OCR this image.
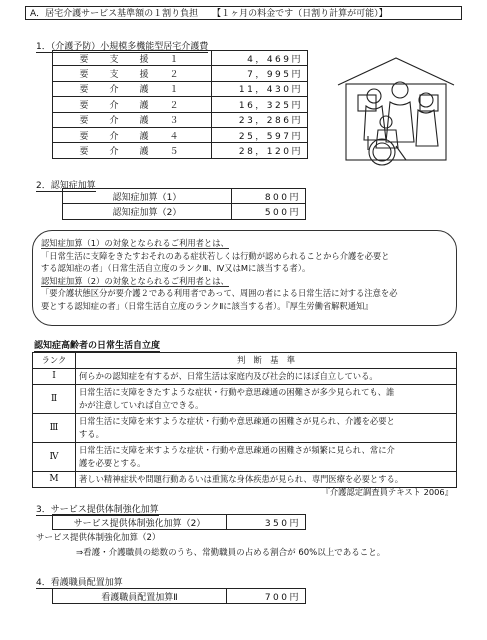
A．居宅介護サービス基準額の１割り負担 【１ヶ月の料金です（日割り計算が可能）】
1．（介護予防）小規模多機能型居宅介護費
要　支　援　１	4，469円
要　支　援　２	7，995円
要　介　護　１	11，430円
要　介　護　２	16，325円
要　介　護　３	23，286円
要　介　護　４	25，597円
要　介　護　５	28，120円
2．認知症加算
認知症加算（1）	800円
認知症加算（2）	500円
認知症加算（1）の対象となられるご利用者とは、
「日常生活に支障をきたすおそれのある症状若しくは行動が認められることから介護を必要と
する認知症の者」（日常生活自立度のランクⅢ、Ⅳ又はMに該当する者）。
認知症加算（2）の対象となられるご利用者とは、
「要介護状態区分が要介護２である利用者であって、周囲の者による日常生活に対する注意を必
要とする認知症の者」（日常生活自立度のランクⅡに該当する者）。『厚生労働省解釈通知』
認知症高齢者の日常生活自立度
ランク	判　断　基　準
Ⅰ	何らかの認知症を有するが、日常生活は家庭内及び社会的にほぼ自立している。

Ⅱ	日常生活に支障をきたすような症状・行動や意思疎通の困難さが多少見られても、誰
かが注意していれば自立できる。

Ⅲ	日常生活に支障を来すような症状・行動や意思疎通の困難さが見られ、介護を必要と
する。

Ⅳ	日常生活に支障を来すような症状・行動や意思疎通の困難さが頻繁に見られ、常に介
護を必要とする。

M	著しい精神症状や問題行動あるいは重篤な身体疾患が見られ、専門医療を必要とする。
『介護認定調査員テキスト 2006』
3．サービス提供体制強化加算
サービス提供体制強化加算（2）	350円
サービス提供体制強化加算（2）
⇒看護・介護職員の総数のうち、常勤職員の占める割合が 60%以上であること。
4．看護職員配置加算
看護職員配置加算Ⅱ	700円
